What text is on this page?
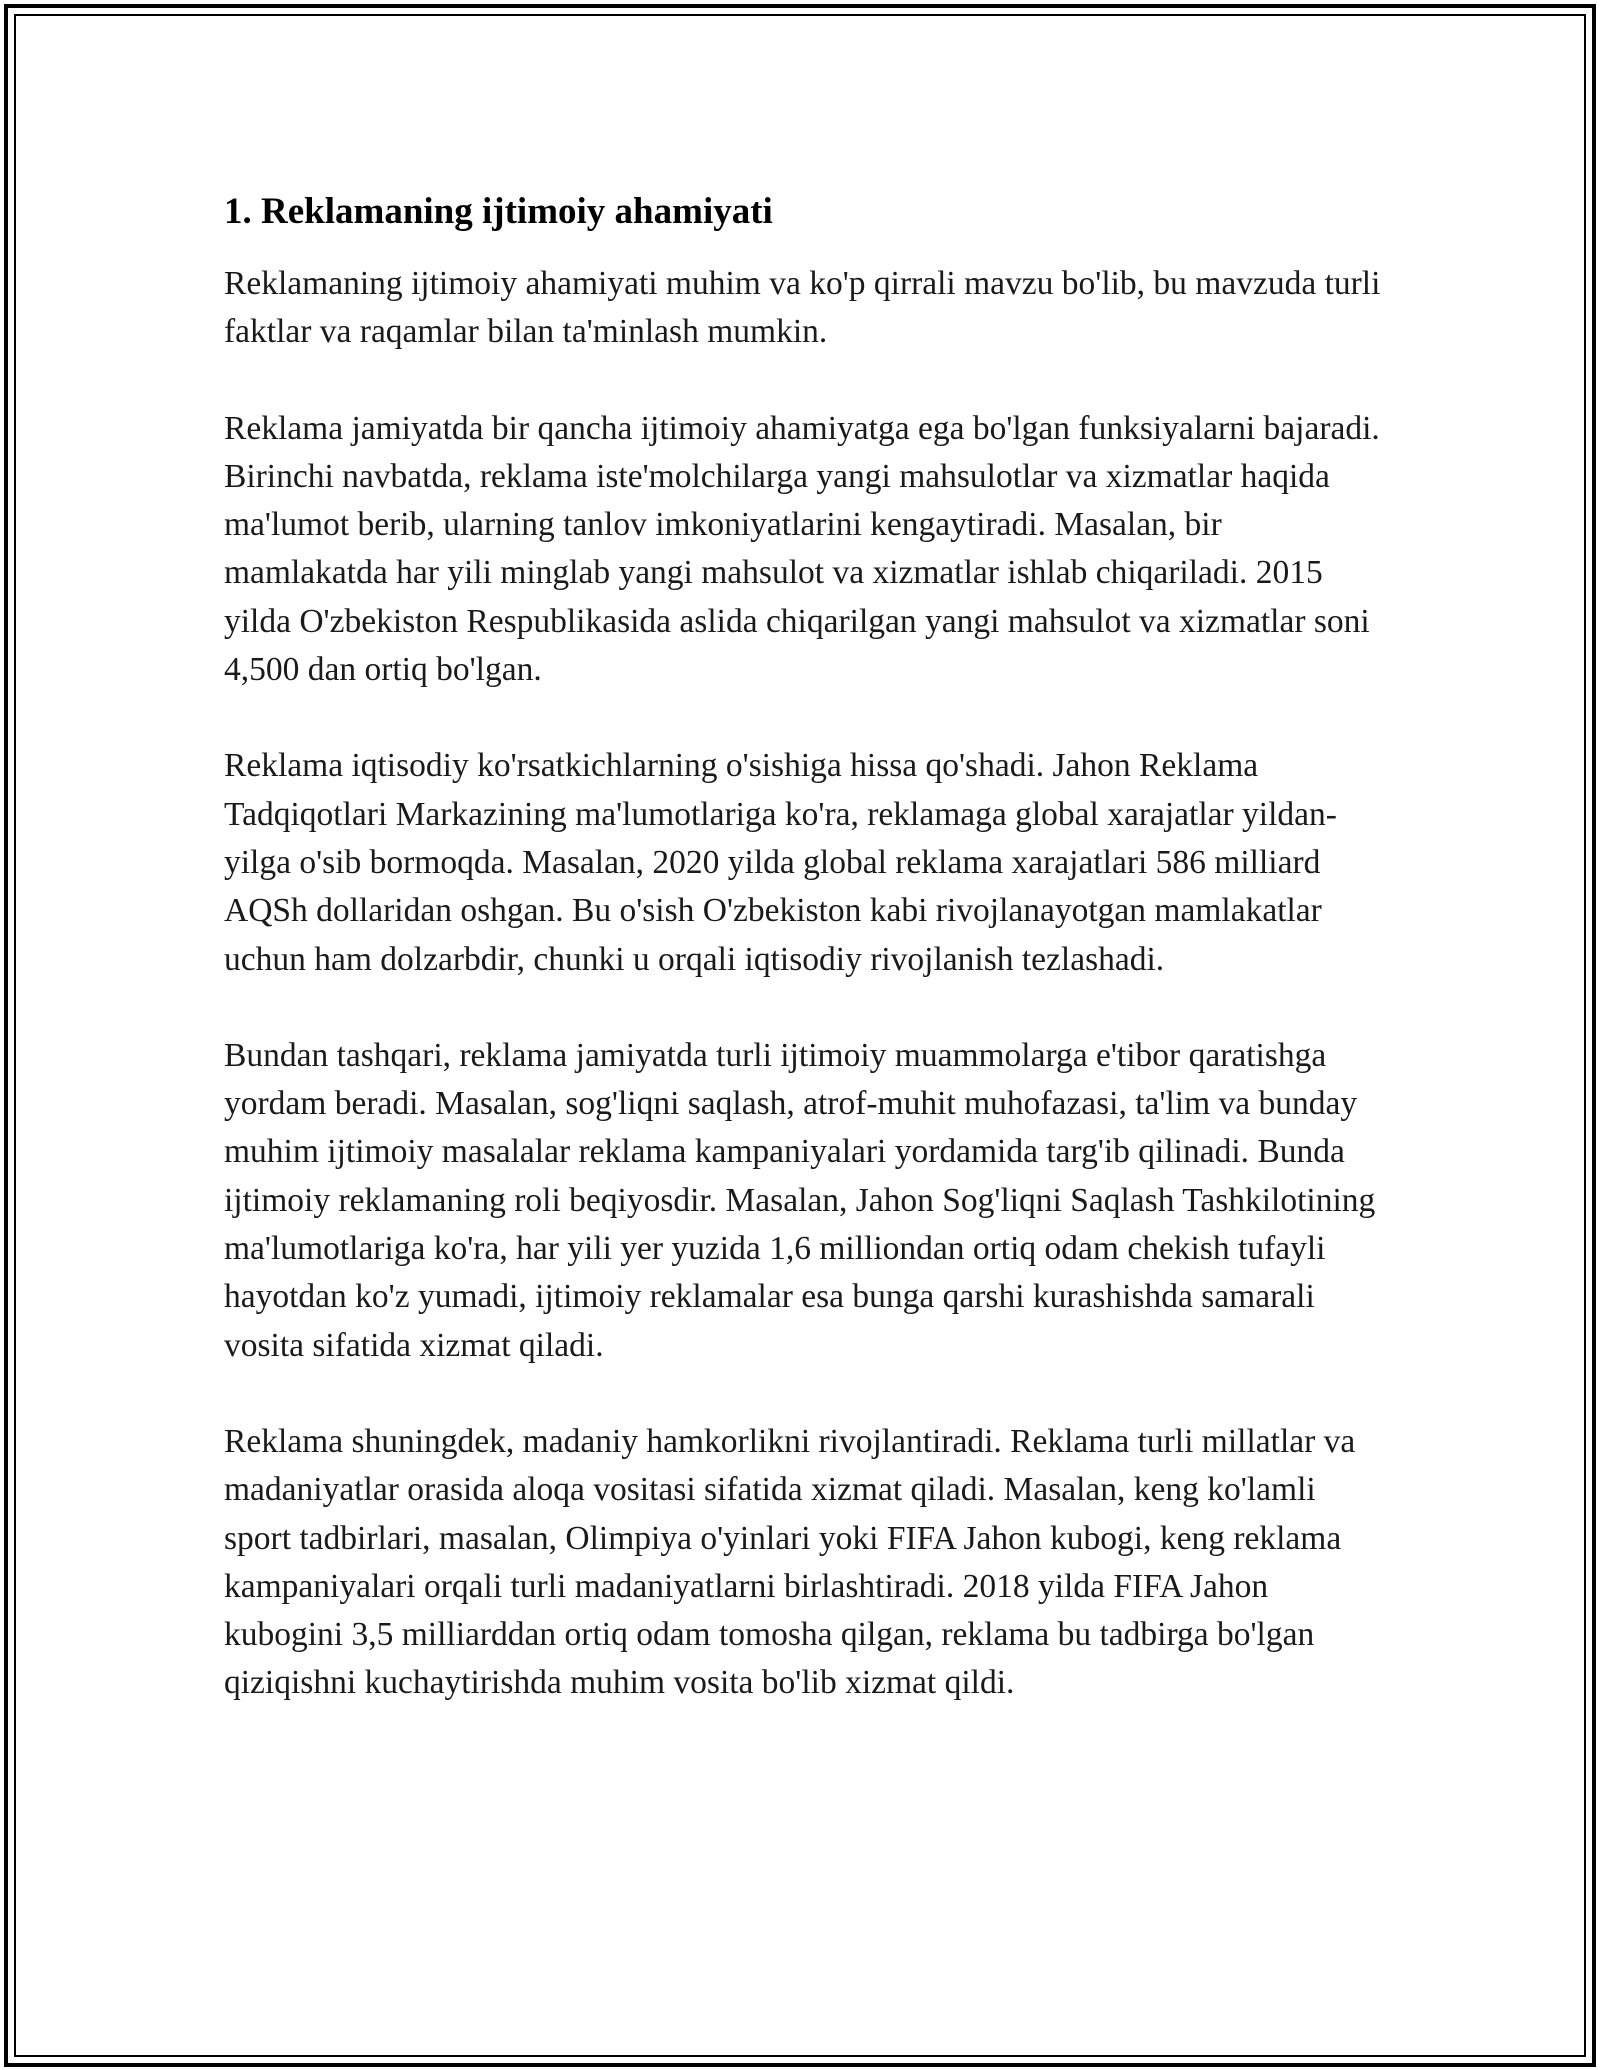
1. Reklamaning ijtimoiy ahamiyati

Reklamaning ijtimoiy ahamiyati muhim va ko'p qirrali mavzu bo'lib, bu mavzuda turli faktlar va raqamlar bilan ta'minlash mumkin.

Reklama jamiyatda bir qancha ijtimoiy ahamiyatga ega bo'lgan funksiyalarni bajaradi. Birinchi navbatda, reklama iste'molchilarga yangi mahsulotlar va xizmatlar haqida ma'lumot berib, ularning tanlov imkoniyatlarini kengaytiradi. Masalan, bir mamlakatda har yili minglab yangi mahsulot va xizmatlar ishlab chiqariladi. 2015 yilda O'zbekiston Respublikasida aslida chiqarilgan yangi mahsulot va xizmatlar soni 4,500 dan ortiq bo'lgan.

Reklama iqtisodiy ko'rsatkichlarning o'sishiga hissa qo'shadi. Jahon Reklama Tadqiqotlari Markazining ma'lumotlariga ko'ra, reklamaga global xarajatlar yildan-yilga o'sib bormoqda. Masalan, 2020 yilda global reklama xarajatlari 586 milliard AQSh dollaridan oshgan. Bu o'sish O'zbekiston kabi rivojlanayotgan mamlakatlar uchun ham dolzarbdir, chunki u orqali iqtisodiy rivojlanish tezlashadi.

Bundan tashqari, reklama jamiyatda turli ijtimoiy muammolarga e'tibor qaratishga yordam beradi. Masalan, sog'liqni saqlash, atrof-muhit muhofazasi, ta'lim va bunday muhim ijtimoiy masalalar reklama kampaniyalari yordamida targ'ib qilinadi. Bunda ijtimoiy reklamaning roli beqiyosdir. Masalan, Jahon Sog'liqni Saqlash Tashkilotining ma'lumotlariga ko'ra, har yili yer yuzida 1,6 milliondan ortiq odam chekish tufayli hayotdan ko'z yumadi, ijtimoiy reklamalar esa bunga qarshi kurashishda samarali vosita sifatida xizmat qiladi.

Reklama shuningdek, madaniy hamkorlikni rivojlantiradi. Reklama turli millatlar va madaniyatlar orasida aloqa vositasi sifatida xizmat qiladi. Masalan, keng ko'lamli sport tadbirlari, masalan, Olimpiya o'yinlari yoki FIFA Jahon kubogi, keng reklama kampaniyalari orqali turli madaniyatlarni birlashtiradi. 2018 yilda FIFA Jahon kubogini 3,5 milliarddan ortiq odam tomosha qilgan, reklama bu tadbirga bo'lgan qiziqishni kuchaytirishda muhim vosita bo'lib xizmat qildi.
